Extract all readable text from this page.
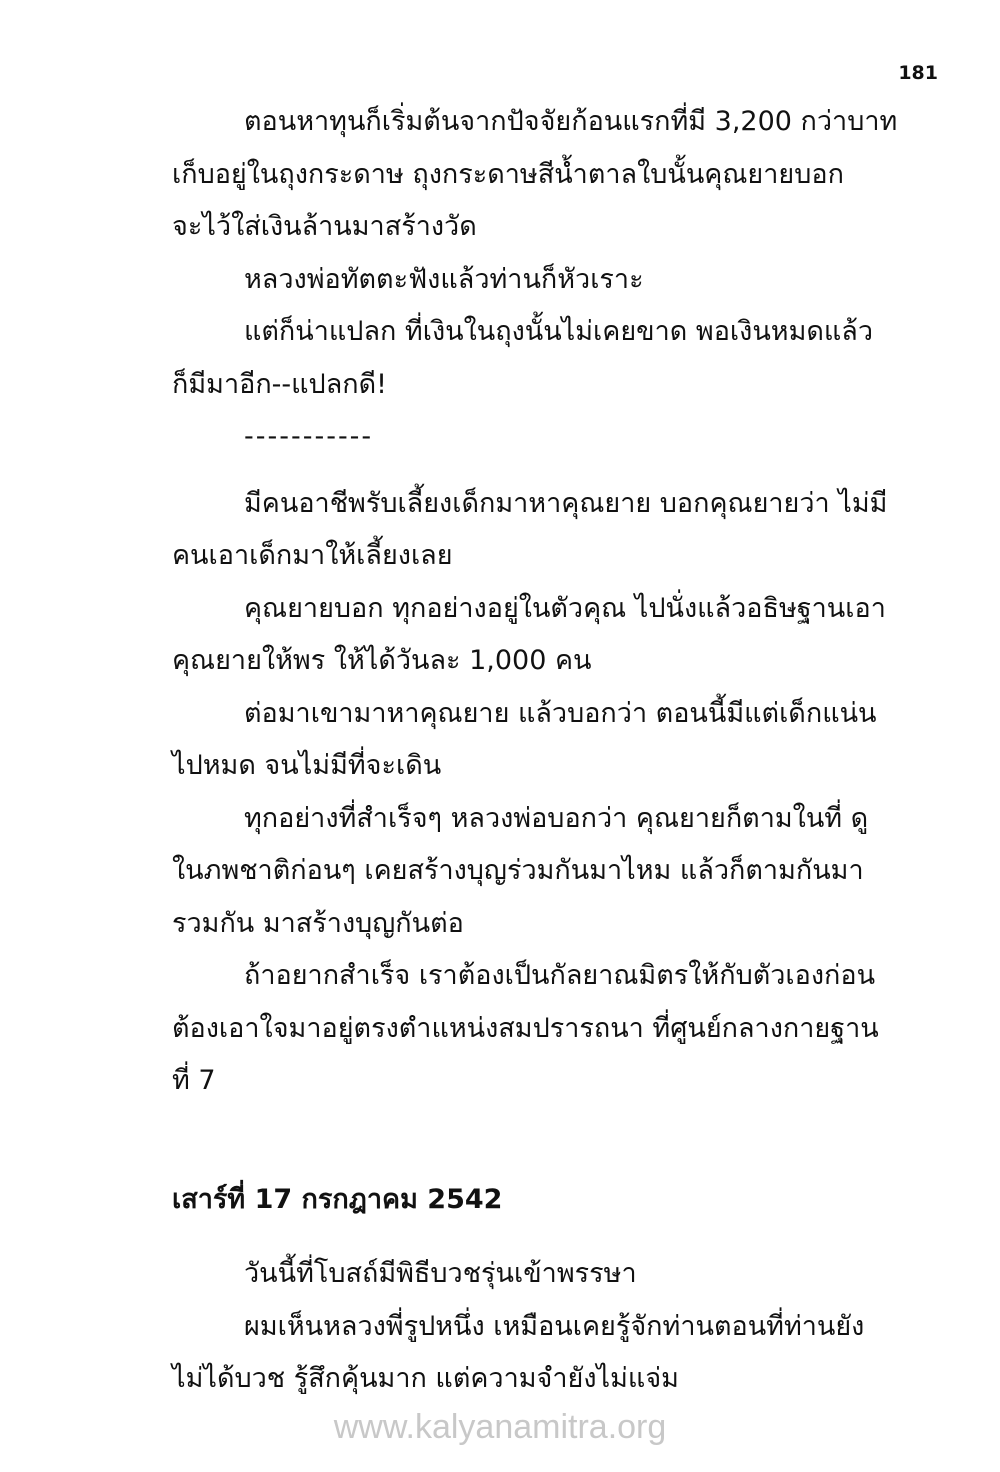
181
ตอนหาทุนก็เริ่มต้นจากปัจจัยก้อนแรกที่มี 3,200 กว่าบาท
เก็บอยู่ในถุงกระดาษ ถุงกระดาษสีน้ำตาลใบนั้นคุณยายบอก
จะไว้ใส่เงินล้านมาสร้างวัด
หลวงพ่อทัตตะฟังแล้วท่านก็หัวเราะ
แต่ก็น่าแปลก ที่เงินในถุงนั้นไม่เคยขาด พอเงินหมดแล้ว
ก็มีมาอีก--แปลกดี!
-----------
มีคนอาชีพรับเลี้ยงเด็กมาหาคุณยาย บอกคุณยายว่า ไม่มี
คนเอาเด็กมาให้เลี้ยงเลย
คุณยายบอก ทุกอย่างอยู่ในตัวคุณ ไปนั่งแล้วอธิษฐานเอา
คุณยายให้พร ให้ได้วันละ 1,000 คน
ต่อมาเขามาหาคุณยาย แล้วบอกว่า ตอนนี้มีแต่เด็กแน่น
ไปหมด จนไม่มีที่จะเดิน
ทุกอย่างที่สำเร็จๆ หลวงพ่อบอกว่า คุณยายก็ตามในที่ ดู
ในภพชาติก่อนๆ เคยสร้างบุญร่วมกันมาไหม แล้วก็ตามกันมา
รวมกัน มาสร้างบุญกันต่อ
ถ้าอยากสำเร็จ เราต้องเป็นกัลยาณมิตรให้กับตัวเองก่อน
ต้องเอาใจมาอยู่ตรงตำแหน่งสมปรารถนา ที่ศูนย์กลางกายฐาน
ที่ 7
เสาร์ที่ 17 กรกฎาคม 2542
วันนี้ที่โบสถ์มีพิธีบวชรุ่นเข้าพรรษา
ผมเห็นหลวงพี่รูปหนึ่ง เหมือนเคยรู้จักท่านตอนที่ท่านยัง
ไม่ได้บวช รู้สึกคุ้นมาก แต่ความจำยังไม่แจ่ม
www.kalyanamitra.org
